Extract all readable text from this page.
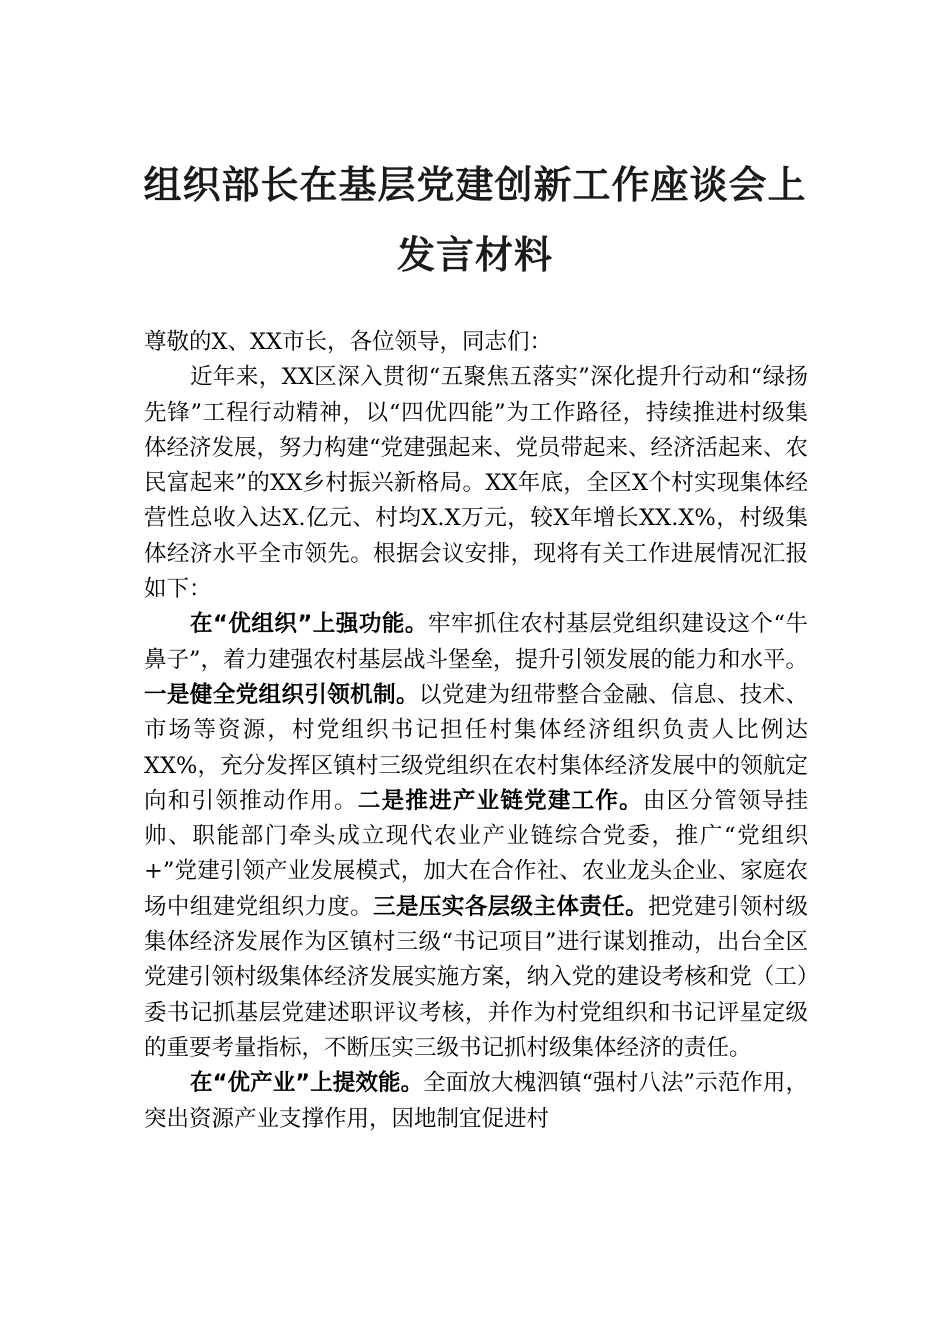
组织部长在基层党建创新工作座谈会上发言材料

尊敬的X、XX市长，各位领导，同志们：

近年来，XX区深入贯彻“五聚焦五落实”深化提升行动和“绿扬先锋”工程行动精神，以“四优四能”为工作路径，持续推进村级集体经济发展，努力构建“党建强起来、党员带起来、经济活起来、农民富起来”的XX乡村振兴新格局。XX年底，全区X个村实现集体经营性总收入达X.亿元、村均X.X万元，较X年增长XX.X%，村级集体经济水平全市领先。根据会议安排，现将有关工作进展情况汇报如下：

在“优组织”上强功能。牢牢抓住农村基层党组织建设这个“牛鼻子”，着力建强农村基层战斗堡垒，提升引领发展的能力和水平。一是健全党组织引领机制。以党建为纽带整合金融、信息、技术、市场等资源，村党组织书记担任村集体经济组织负责人比例达XX%，充分发挥区镇村三级党组织在农村集体经济发展中的领航定向和引领推动作用。二是推进产业链党建工作。由区分管领导挂帅、职能部门牵头成立现代农业产业链综合党委，推广“党组织+”党建引领产业发展模式，加大在合作社、农业龙头企业、家庭农场中组建党组织力度。三是压实各层级主体责任。把党建引领村级集体经济发展作为区镇村三级“书记项目”进行谋划推动，出台全区党建引领村级集体经济发展实施方案，纳入党的建设考核和党（工）委书记抓基层党建述职评议考核，并作为村党组织和书记评星定级的重要考量指标，不断压实三级书记抓村级集体经济的责任。

在“优产业”上提效能。全面放大槐泗镇“强村八法”示范作用，突出资源产业支撑作用，因地制宜促进村
